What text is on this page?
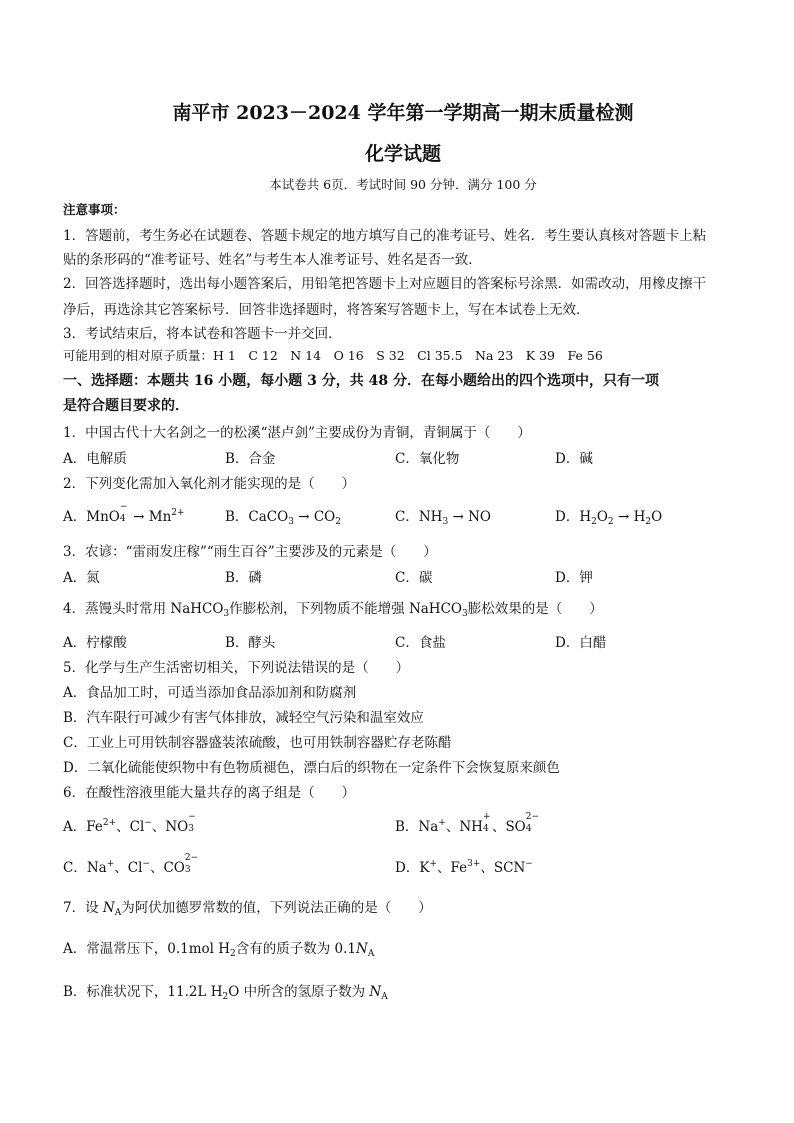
南平市 2023－2024 学年第一学期高一期末质量检测
化学试题
本试卷共 6页．考试时间 90 分钟．满分 100 分
注意事项：
1．答题前，考生务必在试题卷、答题卡规定的地方填写自己的准考证号、姓名．考生要认真核对答题卡上粘
贴的条形码的“准考证号、姓名”与考生本人准考证号、姓名是否一致．
2．回答选择题时，选出每小题答案后，用铅笔把答题卡上对应题目的答案标号涂黑．如需改动，用橡皮擦干
净后，再选涂其它答案标号．回答非选择题时，将答案写答题卡上，写在本试卷上无效．
3．考试结束后，将本试卷和答题卡一并交回．
可能用到的相对原子质量：H 1　C 12　N 14　O 16　S 32　Cl 35.5　Na 23　K 39　Fe 56
一、选择题：本题共 16 小题，每小题 3 分，共 48 分．在每小题给出的四个选项中，只有一项
是符合题目要求的．
1．中国古代十大名剑之一的松溪“湛卢剑”主要成份为青铜，青铜属于（　　）
A．电解质	B．合金	C．氧化物	D．碱
2．下列变化需加入氧化剂才能实现的是（　　）
A．MnO
−
$4 \to Mn^{2+}$	B．CaCO$_3$ → $CO_2$	C．$NH_3$ → NO	D．$H_2O_2 \to H_2O$
3．农谚：“雷雨发庄稼”“雨生百谷”主要涉及的元素是（　　）
A．氮	B．磷	C．碳	D．钾
4．蒸馒头时常用 NaHCO$_3$作膨松剂，下列物质不能增强 NaHCO$_3$膨松效果的是（　　）
A．柠檬酸	B．酵头	C．食盐	D．白醋
5．化学与生产生活密切相关，下列说法错误的是（　　）
A．食品加工时，可适当添加食品添加剂和防腐剂
B．汽车限行可减少有害气体排放，减轻空气污染和温室效应
C．工业上可用铁制容器盛装浓硫酸，也可用铁制容器贮存老陈醋
D．二氧化硫能使织物中有色物质褪色，漂白后的织物在一定条件下会恢复原来颜色
6．在酸性溶液里能大量共存的离子组是（　　）
A．$Fe^{2+}$、Cl−、NO
−
3	B．Na+、NH
+
4 、SO
2−
4
C．Na+、Cl−、CO
2−
3	D．K+、$Fe^{3+}$、SCN−
7．设 $N_A$为阿伏加德罗常数的值，下列说法正确的是（　　）
A．常温常压下，0.1mol $H_2$含有的质子数为 $0.1N_A$
B．标准状况下，11.2L $H_2O$ 中所含的氢原子数为 $N_A$
